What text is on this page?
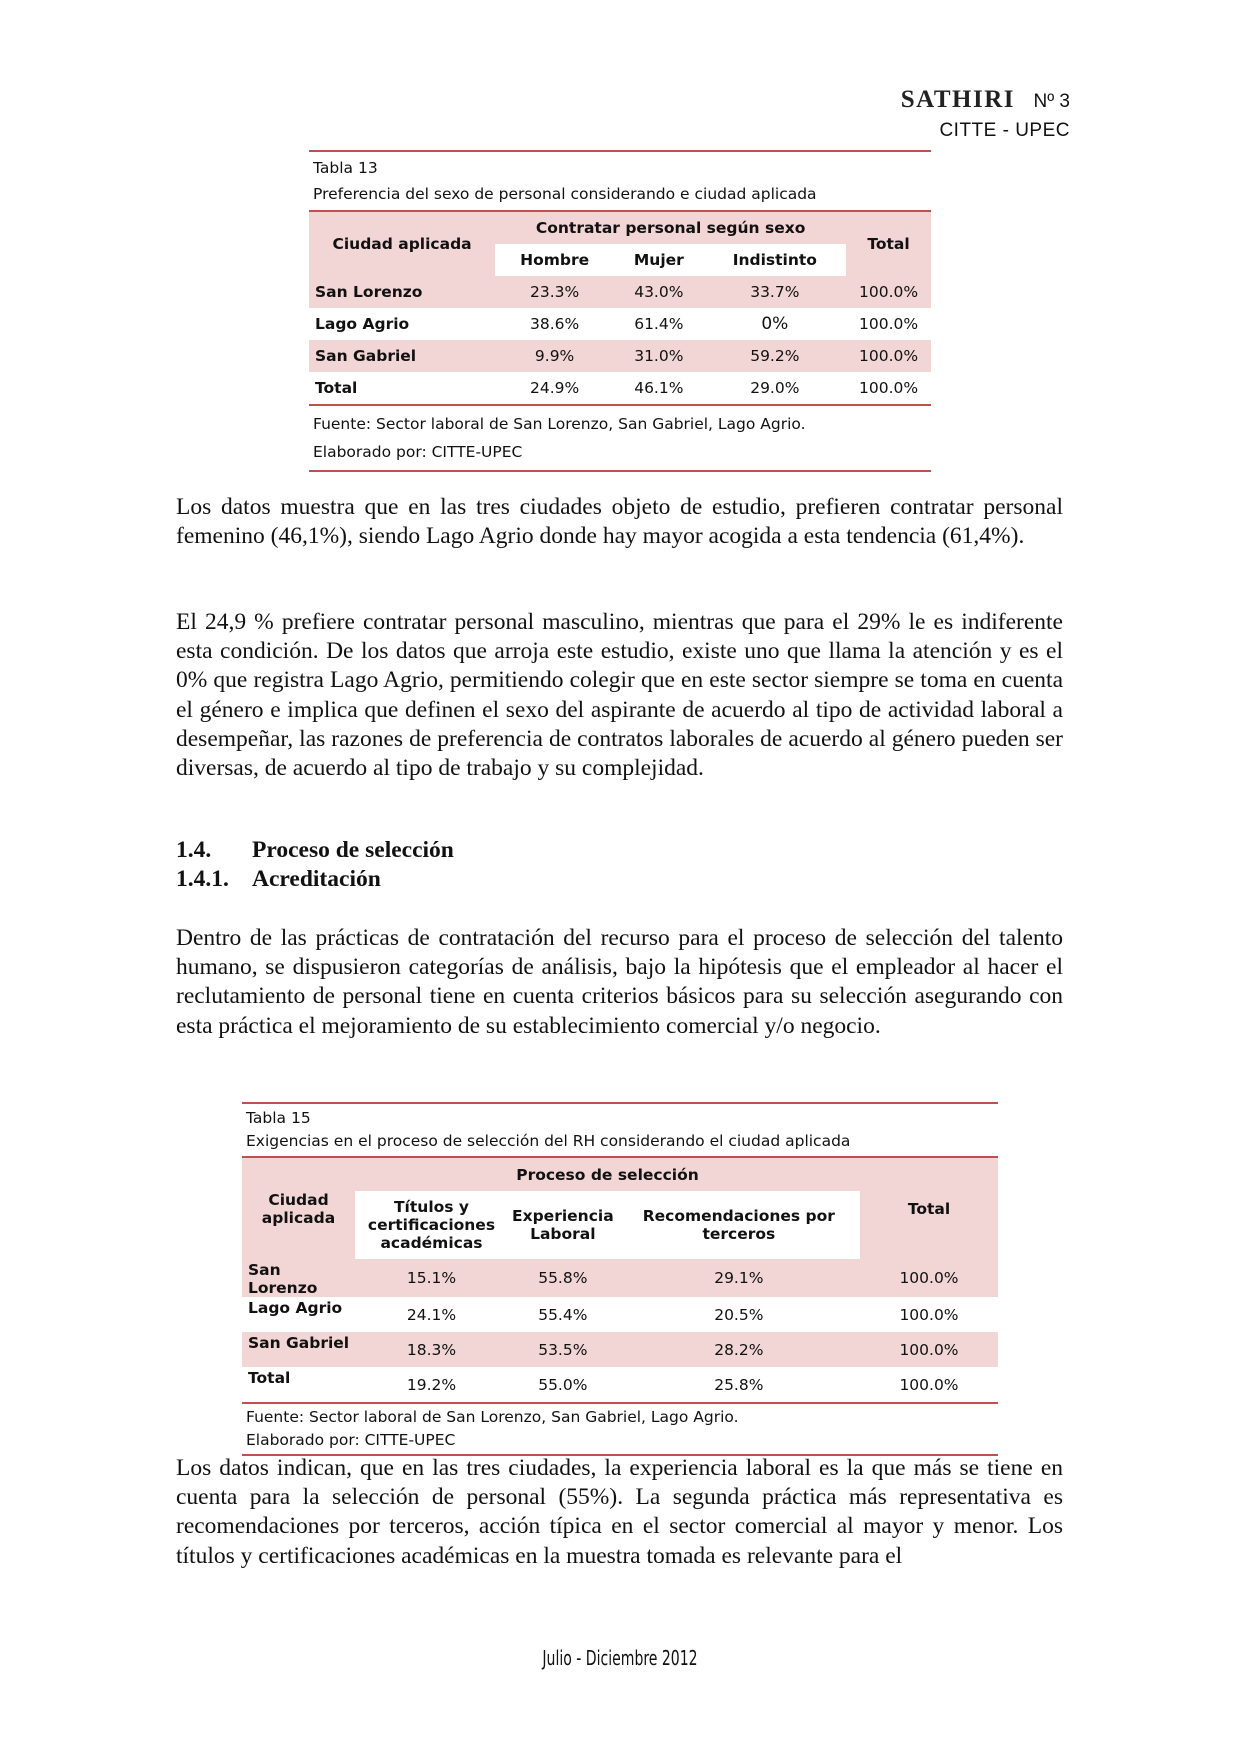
SATHIRI Nº 3
CITTE - UPEC
Tabla 13
Preferencia del sexo de personal considerando e ciudad aplicada
Ciudad aplicada	Contratar personal según sexo			Total
	Hombre	Mujer	Indistinto	
San Lorenzo	23.3%	43.0%	33.7%	100.0%
Lago Agrio	38.6%	61.4%	0%	100.0%
San Gabriel	9.9%	31.0%	59.2%	100.0%
Total	24.9%	46.1%	29.0%	100.0%
Fuente: Sector laboral de San Lorenzo, San Gabriel, Lago Agrio.
Elaborado por: CITTE-UPEC

Los datos muestra que en las tres ciudades objeto de estudio, prefieren contratar personal femenino (46,1%), siendo Lago Agrio donde hay mayor acogida a esta tendencia (61,4%).

El 24,9 % prefiere contratar personal masculino, mientras que para el 29% le es indiferente esta condición. De los datos que arroja este estudio, existe uno que llama la atención y es el 0% que registra Lago Agrio, permitiendo colegir que en este sector siempre se toma en cuenta el género e implica que definen el sexo del aspirante de acuerdo al tipo de actividad laboral a desempeñar, las razones de preferencia de contratos laborales de acuerdo al género pueden ser diversas, de acuerdo al tipo de trabajo y su complejidad.

1.4. Proceso de selección
1.4.1. Acreditación

Dentro de las prácticas de contratación del recurso para el proceso de selección del talento humano, se dispusieron categorías de análisis, bajo la hipótesis que el empleador al hacer el reclutamiento de personal tiene en cuenta criterios básicos para su selección asegurando con esta práctica el mejoramiento de su establecimiento comercial y/o negocio.

Tabla 15
Exigencias en el proceso de selección del RH considerando el ciudad aplicada
Ciudad aplicada	Proceso de selección			Total
	Títulos y certificaciones académicas	Experiencia Laboral	Recomendaciones por terceros	
San Lorenzo	15.1%	55.8%	29.1%	100.0%
Lago Agrio	24.1%	55.4%	20.5%	100.0%
San Gabriel	18.3%	53.5%	28.2%	100.0%
Total	19.2%	55.0%	25.8%	100.0%
Fuente: Sector laboral de San Lorenzo, San Gabriel, Lago Agrio.
Elaborado por: CITTE-UPEC

Los datos indican, que en las tres ciudades, la experiencia laboral es la que más se tiene en cuenta para la selección de personal (55%). La segunda práctica más representativa es recomendaciones por terceros, acción típica en el sector comercial al mayor y menor. Los títulos y certificaciones académicas en la muestra tomada es relevante para el

Julio - Diciembre 2012
